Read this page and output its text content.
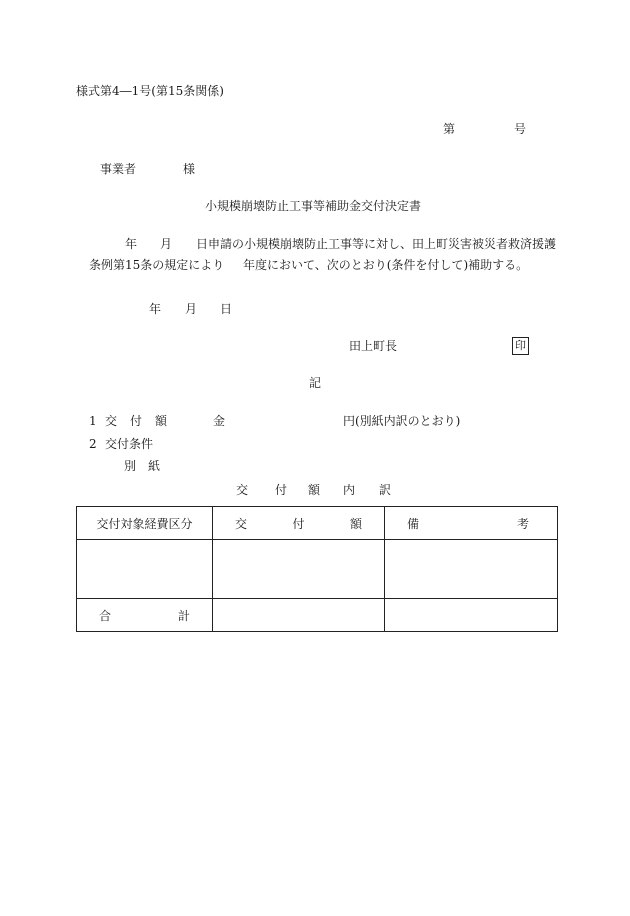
様式第4―1号(第15条関係)
第	号
事業者	様
小規模崩壊防止工事等補助金交付決定書
年 月 日申請の小規模崩壊防止工事等に対し、田上町災害被災者救済援護
条例第15条の規定により 年度において、次のとおり(条件を付して)補助する。
年 月 日
田上町長	印
記
1 交 付 額	金	円(別紙内訳のとおり)
2 交付条件
別　紙
交 付 額 内 訳
交付対象経費区分	交 付 額	備 考

合 計		
